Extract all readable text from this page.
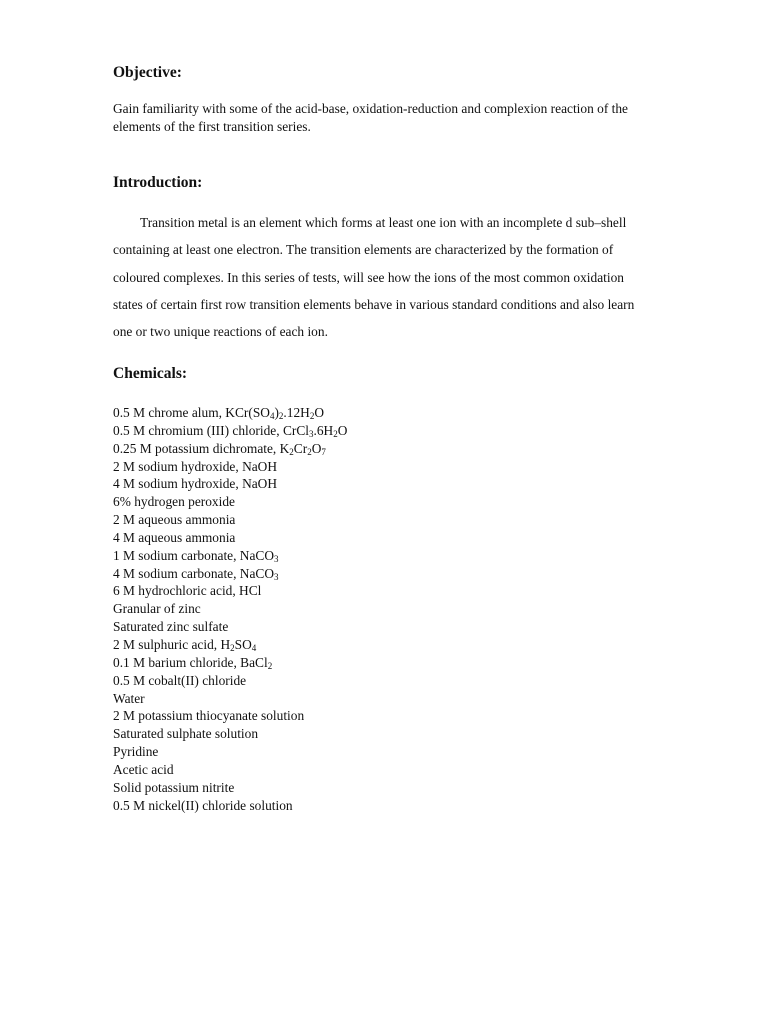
Objective:

Gain familiarity with some of the acid-base, oxidation-reduction and complexion reaction of the elements of the first transition series.

Introduction:

Transition metal is an element which forms at least one ion with an incomplete d sub–shell containing at least one electron. The transition elements are characterized by the formation of coloured complexes. In this series of tests, will see how the ions of the most common oxidation states of certain first row transition elements behave in various standard conditions and also learn one or two unique reactions of each ion.

Chemicals:
0.5 M chrome alum, $KCr(SO_4)_2.12H_2O$
0.5 M chromium (III) chloride, $CrCl_3.6H_2O$
0.25 M potassium dichromate, $K_2Cr_2O_7$
2 M sodium hydroxide, NaOH
4 M sodium hydroxide, NaOH
6% hydrogen peroxide
2 M aqueous ammonia
4 M aqueous ammonia
1 M sodium carbonate, NaCO$_3$
4 M sodium carbonate, NaCO$_3$
6 M hydrochloric acid, HCl
Granular of zinc
Saturated zinc sulfate
2 M sulphuric acid, $H_2SO_4$
0.1 M barium chloride, BaCl$_2$
0.5 M cobalt(II) chloride
Water
2 M potassium thiocyanate solution
Saturated sulphate solution
Pyridine
Acetic acid
Solid potassium nitrite
0.5 M nickel(II) chloride solution
